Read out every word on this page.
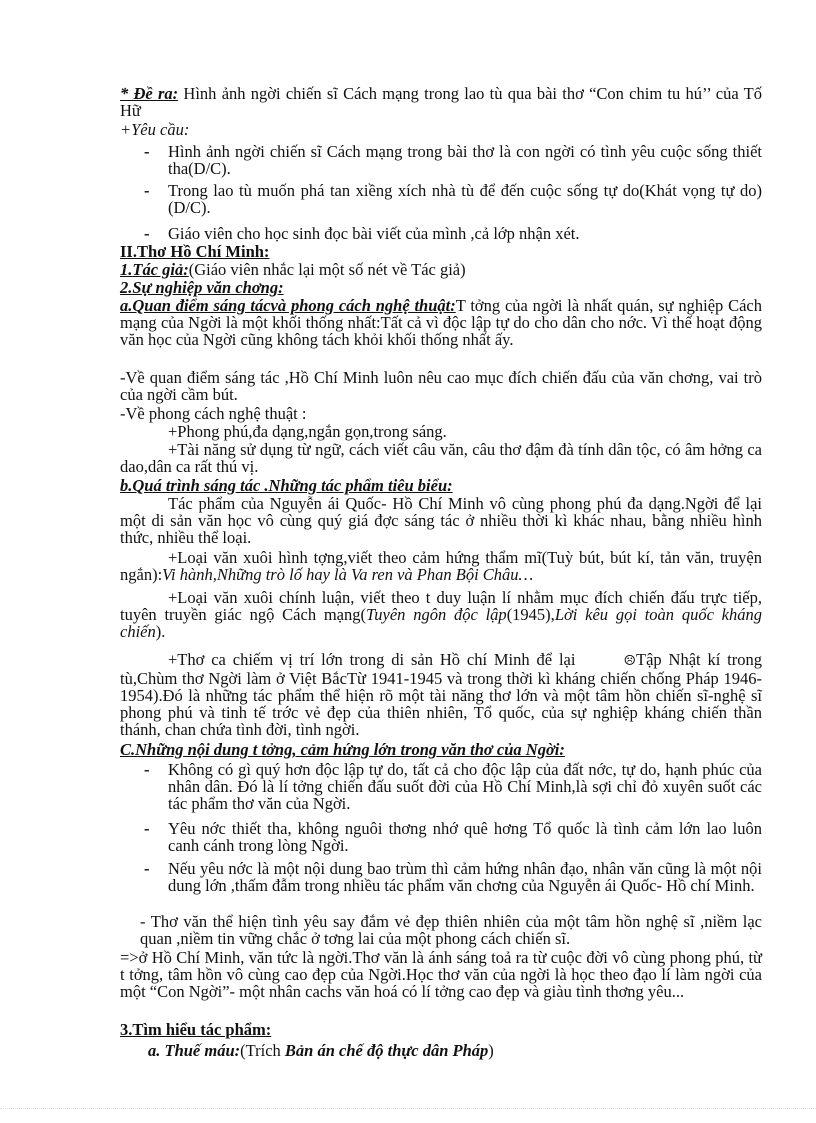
* Đề ra: Hình ảnh ngời chiến sĩ Cách mạng trong lao tù qua bài thơ “Con chim tu hú’’ của Tố Hữ
+Yêu cầu:
- Hình ảnh ngời chiến sĩ Cách mạng trong bài thơ là con ngời có tình yêu cuộc sống thiết tha(D/C).
- Trong lao tù muốn phá tan xiềng xích nhà tù để đến cuộc sống tự do(Khát vọng tự do)(D/C).
- Giáo viên cho học sinh đọc bài viết của mình ,cả lớp nhận xét.
II.Thơ Hồ Chí Minh:
1.Tác giả:(Giáo viên nhắc lại một số nét về Tác giả)
2.Sự nghiệp văn chơng:
a.Quan điểm sáng tácvà phong cách nghệ thuật:T tởng của ngời là nhất quán, sự nghiệp Cách mạng của Ngời là một khối thống nhất:Tất cả vì độc lập tự do cho dân cho nớc. Vì thế hoạt động văn học của Ngời cũng không tách khỏi khối thống nhất ấy.
-Về quan điểm sáng tác ,Hồ Chí Minh luôn nêu cao mục đích chiến đấu của văn chơng, vai trò của ngời cầm bút.
-Về phong cách nghệ thuật :
+Phong phú,đa dạng,ngắn gọn,trong sáng.
+Tài năng sử dụng từ ngữ, cách viết câu văn, câu thơ đậm đà tính dân tộc, có âm hởng ca dao,dân ca rất thú vị.
b.Quá trình sáng tác .Những tác phẩm tiêu biểu:
Tác phẩm của Nguyễn ái Quốc- Hồ Chí Minh vô cùng phong phú đa dạng.Ngời để lại một di sản văn học vô cùng quý giá đợc sáng tác ở nhiều thời kì khác nhau, bằng nhiều hình thức, nhiều thể loại.
+Loại văn xuôi hình tợng,viết theo cảm hứng thẩm mĩ(Tuỳ bút, bút kí, tản văn, truyện ngắn):Vi hành,Những trò lố hay là Va ren và Phan Bội Châu…
+Loại văn xuôi chính luận, viết theo t duy luận lí nhằm mục đích chiến đấu trực tiếp, tuyên truyền giác ngộ Cách mạng(Tuyên ngôn độc lập(1945),Lời kêu gọi toàn quốc kháng chiến).
+Thơ ca chiếm vị trí lớn trong di sản Hồ chí Minh để lại	☹Tập Nhật kí trong tù,Chùm thơ Ngời làm ở Việt BắcTừ 1941-1945 và trong thời kì kháng chiến chống Pháp 1946-1954).Đó là những tác phẩm thể hiện rõ một tài năng thơ lớn và một tâm hồn chiến sĩ-nghệ sĩ phong phú và tinh tế trớc vẻ đẹp của thiên nhiên, Tổ quốc, của sự nghiệp kháng chiến thần thánh, chan chứa tình đời, tình ngời.
C.Những nội dung t tởng, cảm hứng lớn trong văn thơ của Ngời:
- Không có gì quý hơn độc lập tự do, tất cả cho độc lập của đất nớc, tự do, hạnh phúc của nhân dân. Đó là lí tởng chiến đấu suốt đời của Hồ Chí Minh,là sợi chỉ đỏ xuyên suốt các tác phẩm thơ văn của Ngời.
- Yêu nớc thiết tha, không nguôi thơng nhớ quê hơng Tổ quốc là tình cảm lớn lao luôn canh cánh trong lòng Ngời.
- Nếu yêu nớc là một nội dung bao trùm thì cảm hứng nhân đạo, nhân văn cũng là một nội dung lớn ,thấm đẫm trong nhiều tác phẩm văn chơng của Nguyễn ái Quốc- Hồ chí Minh.
- Thơ văn thể hiện tình yêu say đắm vẻ đẹp thiên nhiên của một tâm hồn nghệ sĩ ,niềm lạc quan ,niềm tin vững chắc ở tơng lai của một phong cách chiến sĩ.
=>ở Hồ Chí Minh, văn tức là ngời.Thơ văn là ánh sáng toả ra từ cuộc đời vô cùng phong phú, từ t tởng, tâm hồn vô cùng cao đẹp của Ngời.Học thơ văn của ngời là học theo đạo lí làm ngời của một “Con Ngời”- một nhân cachs văn hoá có lí tởng cao đẹp và giàu tình thơng yêu...
3.Tìm hiểu tác phẩm:
a. Thuế máu:(Trích Bản án chế độ thực dân Pháp)
